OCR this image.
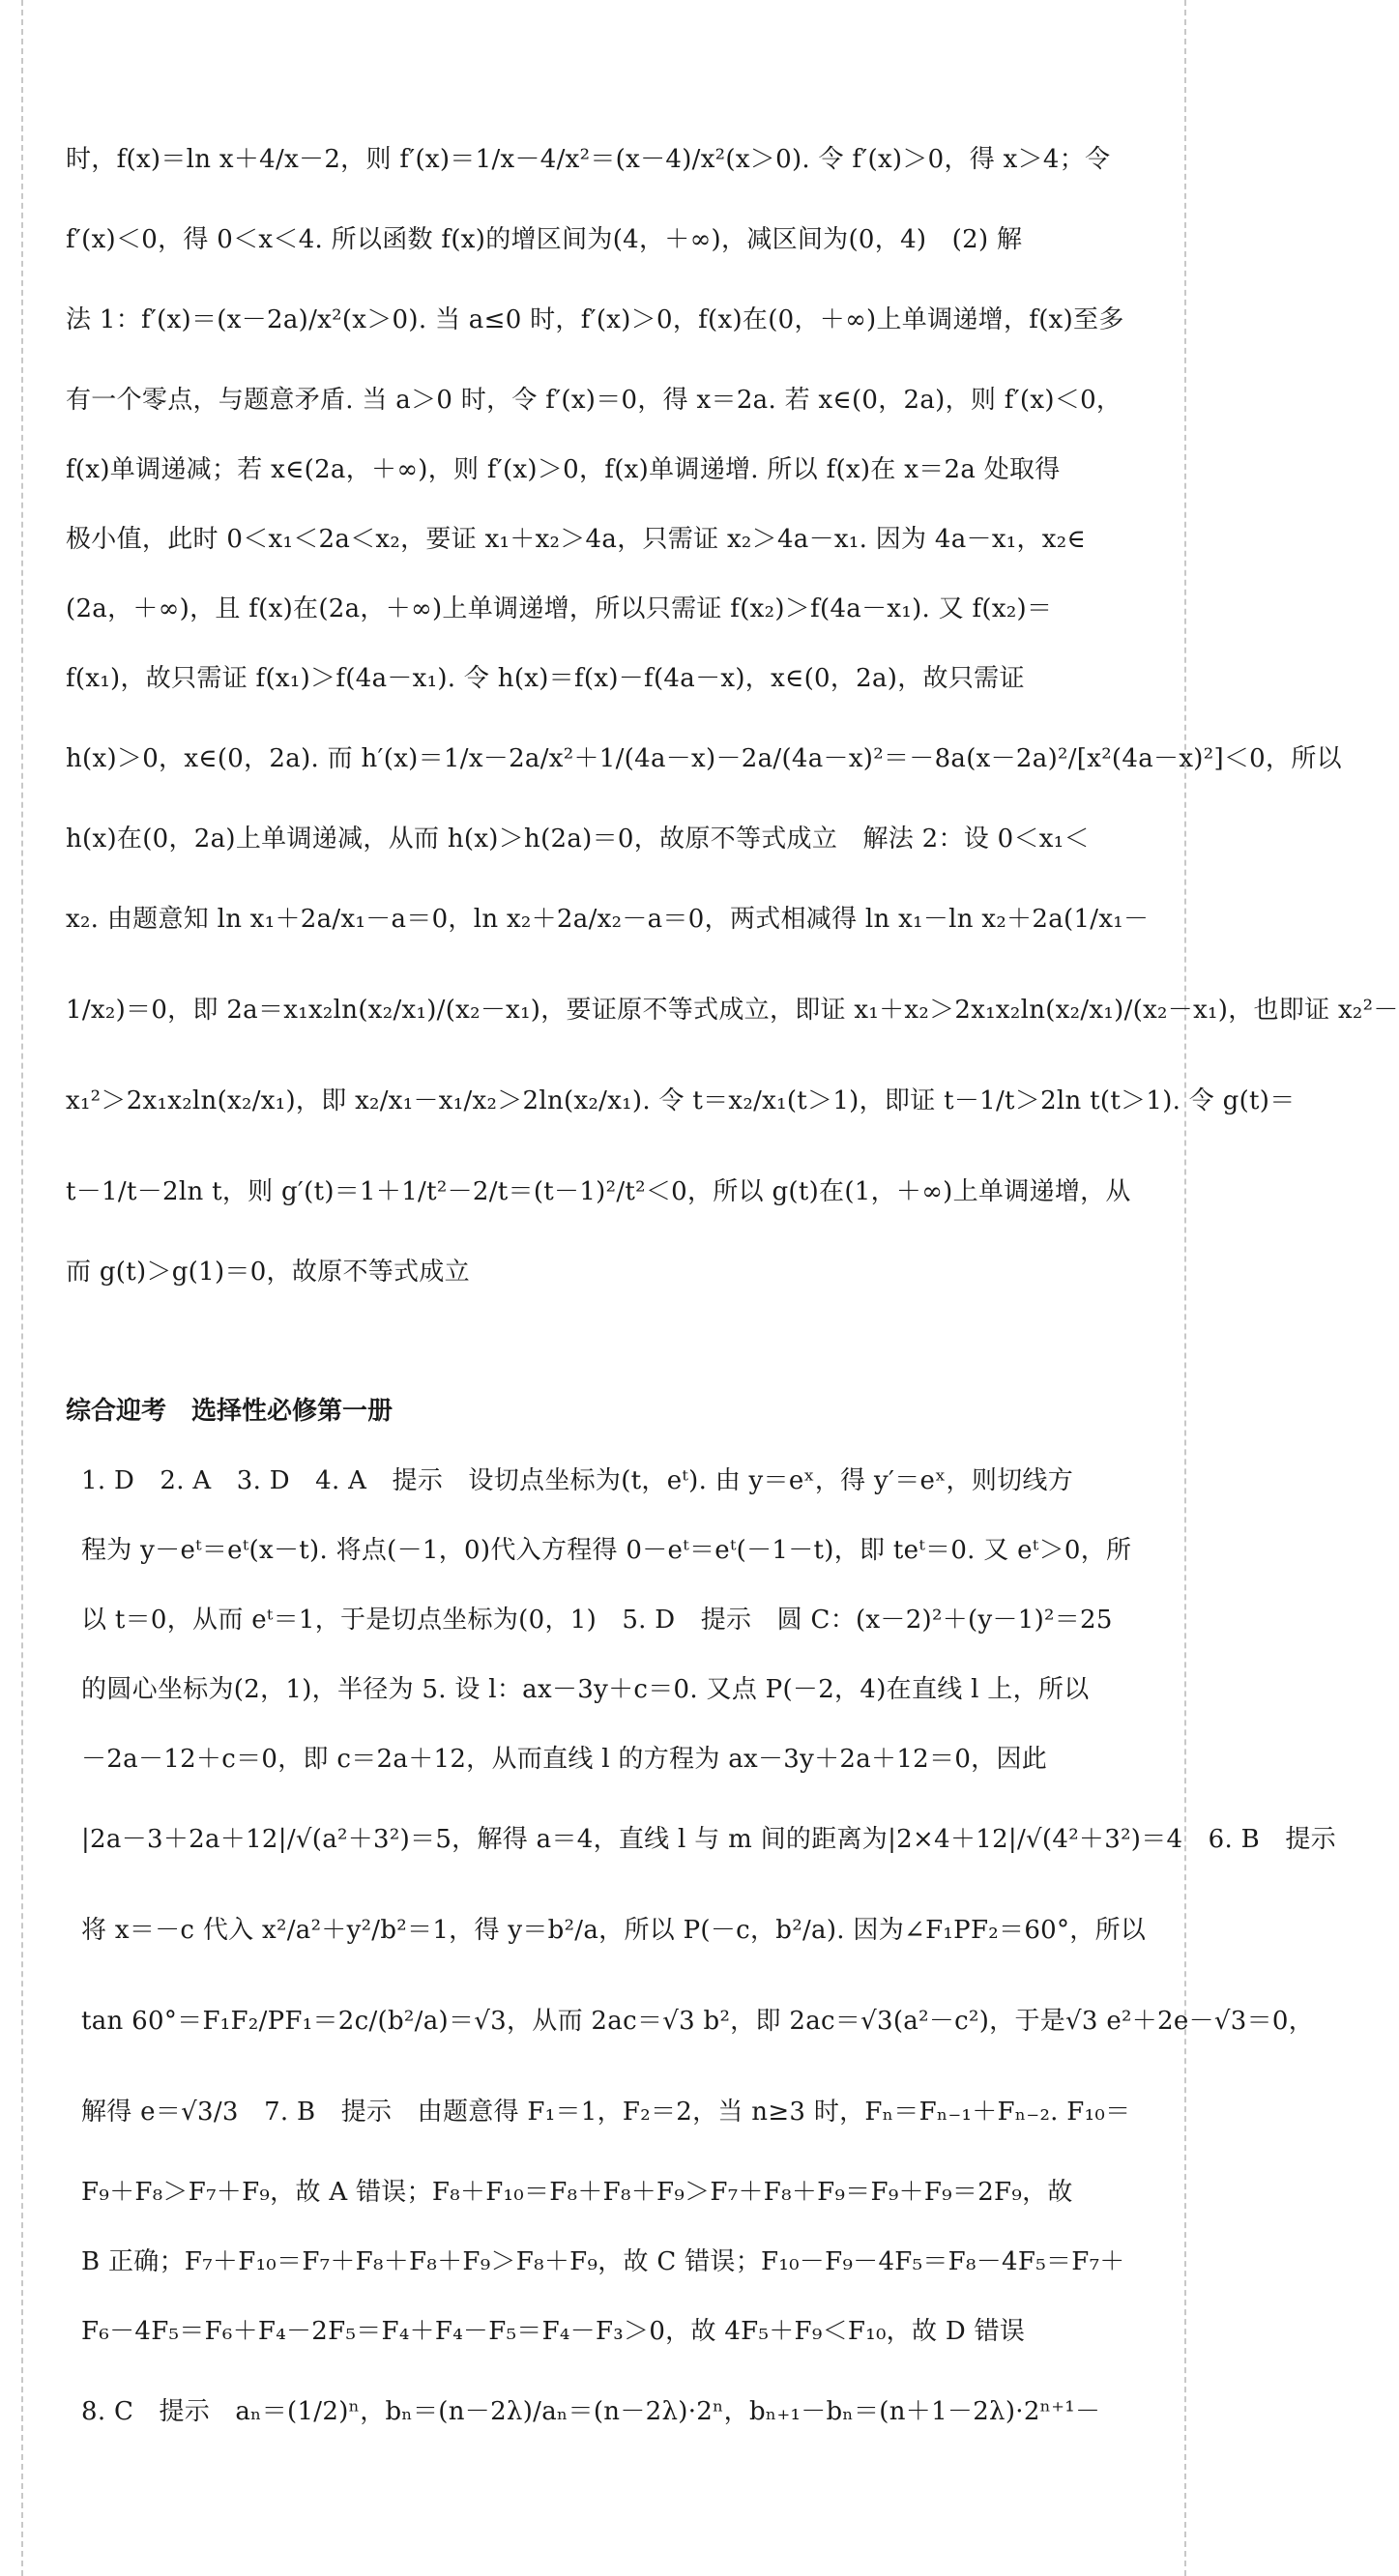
时，f(x)＝ln x＋4/x－2，则 f′(x)＝1/x－4/x²＝(x－4)/x²(x＞0). 令 f′(x)＞0，得 x＞4；令
f′(x)＜0，得 0＜x＜4. 所以函数 f(x)的增区间为(4，＋∞)，减区间为(0，4)　(2) 解
法 1：f′(x)＝(x－2a)/x²(x＞0). 当 a≤0 时，f′(x)＞0，f(x)在(0，＋∞)上单调递增，f(x)至多
有一个零点，与题意矛盾. 当 a＞0 时，令 f′(x)＝0，得 x＝2a. 若 x∈(0，2a)，则 f′(x)＜0，
f(x)单调递减；若 x∈(2a，＋∞)，则 f′(x)＞0，f(x)单调递增. 所以 f(x)在 x＝2a 处取得
极小值，此时 0＜x₁＜2a＜x₂，要证 x₁＋x₂＞4a，只需证 x₂＞4a－x₁. 因为 4a－x₁，x₂∈
(2a，＋∞)，且 f(x)在(2a，＋∞)上单调递增，所以只需证 f(x₂)＞f(4a－x₁). 又 f(x₂)＝
f(x₁)，故只需证 f(x₁)＞f(4a－x₁). 令 h(x)＝f(x)－f(4a－x)，x∈(0，2a)，故只需证
h(x)＞0，x∈(0，2a). 而 h′(x)＝1/x－2a/x²＋1/(4a－x)－2a/(4a－x)²＝－8a(x－2a)²/[x²(4a－x)²]＜0，所以
h(x)在(0，2a)上单调递减，从而 h(x)＞h(2a)＝0，故原不等式成立　解法 2：设 0＜x₁＜
x₂. 由题意知 ln x₁＋2a/x₁－a＝0，ln x₂＋2a/x₂－a＝0，两式相减得 ln x₁－ln x₂＋2a(1/x₁－
1/x₂)＝0，即 2a＝x₁x₂ln(x₂/x₁)/(x₂－x₁)，要证原不等式成立，即证 x₁＋x₂＞2x₁x₂ln(x₂/x₁)/(x₂－x₁)，也即证 x₂²－
x₁²＞2x₁x₂ln(x₂/x₁)，即 x₂/x₁－x₁/x₂＞2ln(x₂/x₁). 令 t＝x₂/x₁(t＞1)，即证 t－1/t＞2ln t(t＞1). 令 g(t)＝
t－1/t－2ln t，则 g′(t)＝1＋1/t²－2/t＝(t－1)²/t²＜0，所以 g(t)在(1，＋∞)上单调递增，从
而 g(t)＞g(1)＝0，故原不等式成立
综合迎考　选择性必修第一册
1. D　2. A　3. D　4. A　提示　设切点坐标为(t，eᵗ). 由 y＝eˣ，得 y′＝eˣ，则切线方
程为 y－eᵗ＝eᵗ(x－t). 将点(－1，0)代入方程得 0－eᵗ＝eᵗ(－1－t)，即 teᵗ＝0. 又 eᵗ＞0，所
以 t＝0，从而 eᵗ＝1，于是切点坐标为(0，1)　5. D　提示　圆 C：(x－2)²＋(y－1)²＝25
的圆心坐标为(2，1)，半径为 5. 设 l：ax－3y＋c＝0. 又点 P(－2，4)在直线 l 上，所以
－2a－12＋c＝0，即 c＝2a＋12，从而直线 l 的方程为 ax－3y＋2a＋12＝0，因此
|2a－3＋2a＋12|/√(a²＋3²)＝5，解得 a＝4，直线 l 与 m 间的距离为|2×4＋12|/√(4²＋3²)＝4　6. B　提示
将 x＝－c 代入 x²/a²＋y²/b²＝1，得 y＝b²/a，所以 P(－c，b²/a). 因为∠F₁PF₂＝60°，所以
tan 60°＝F₁F₂/PF₁＝2c/(b²/a)＝√3，从而 2ac＝√3 b²，即 2ac＝√3(a²－c²)，于是√3 e²＋2e－√3＝0，
解得 e＝√3/3　7. B　提示　由题意得 F₁＝1，F₂＝2，当 n≥3 时，Fₙ＝Fₙ₋₁＋Fₙ₋₂. F₁₀＝
F₉＋F₈＞F₇＋F₉，故 A 错误；F₈＋F₁₀＝F₈＋F₈＋F₉＞F₇＋F₈＋F₉＝F₉＋F₉＝2F₉，故
B 正确；F₇＋F₁₀＝F₇＋F₈＋F₈＋F₉＞F₈＋F₉，故 C 错误；F₁₀－F₉－4F₅＝F₈－4F₅＝F₇＋
F₆－4F₅＝F₆＋F₄－2F₅＝F₄＋F₄－F₅＝F₄－F₃＞0，故 4F₅＋F₉＜F₁₀，故 D 错误
8. C　提示　aₙ＝(1/2)ⁿ，bₙ＝(n－2λ)/aₙ＝(n－2λ)·2ⁿ，bₙ₊₁－bₙ＝(n＋1－2λ)·2ⁿ⁺¹－
